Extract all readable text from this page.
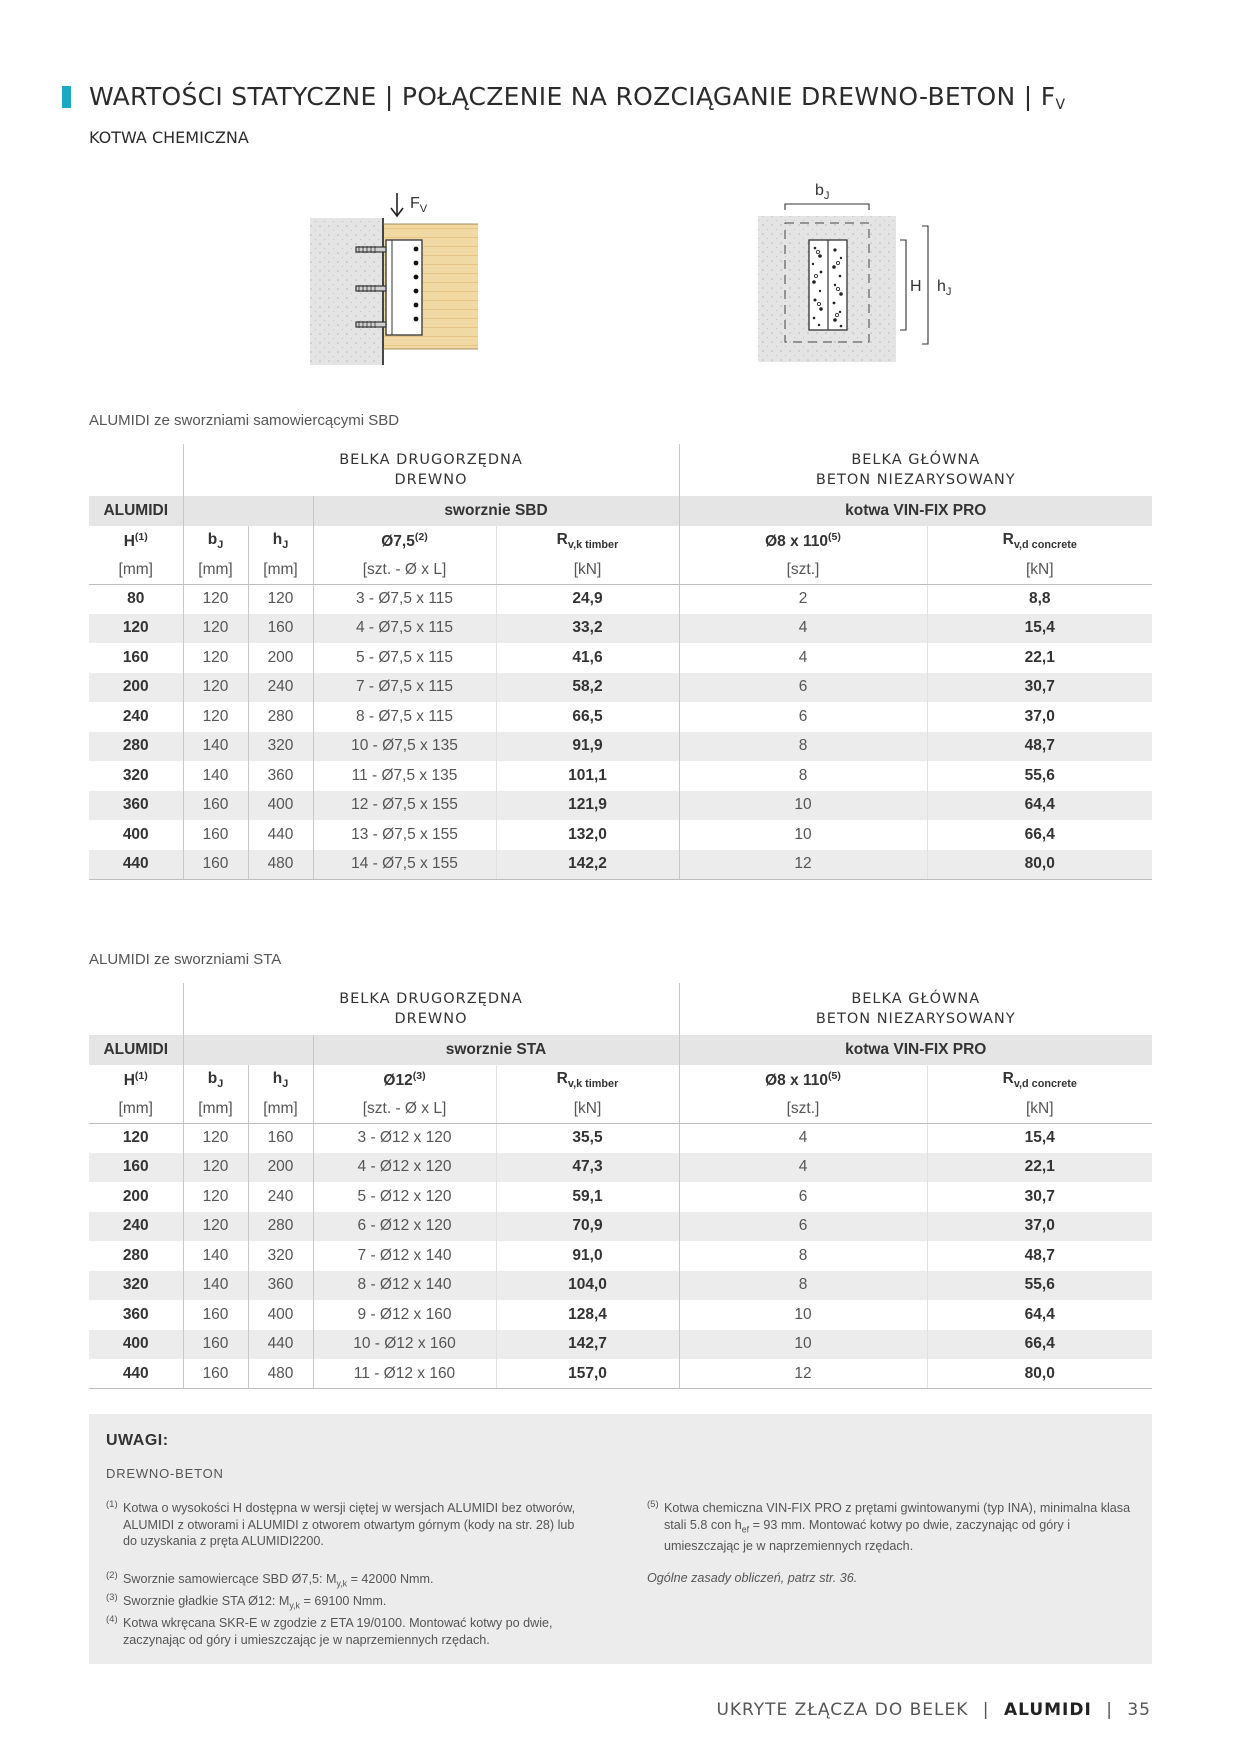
WARTOŚCI STATYCZNE | POŁĄCZENIE NA ROZCIĄGANIE DREWNO-BETON | $F_V$
KOTWA CHEMICZNA
$F_V$
$b_J$
H $h_J$
ALUMIDI ze sworzniami samowiercącymi SBD
	BELKA DRUGORZĘDNA
DREWNO				BELKA GŁÓWNA
BETON NIEZARYSOWANY	
ALUMIDI			sworznie SBD		kotwa VIN-FIX PRO	
$H^{(1)}$	$b_J$	$h_J$	Ø7,5$^{(2)}$	$R_{v,k timber}$	Ø8 x 110$^{(5)}$	$R_{v,d concrete}$
[mm]	[mm]	[mm]	[szt. - Ø x L]	[kN]	[szt.]	[kN]
80	120	120	3 - Ø7,5 x 115	24,9	2	8,8
120	120	160	4 - Ø7,5 x 115	33,2	4	15,4
160	120	200	5 - Ø7,5 x 115	41,6	4	22,1
200	120	240	7 - Ø7,5 x 115	58,2	6	30,7
240	120	280	8 - Ø7,5 x 115	66,5	6	37,0
280	140	320	10 - Ø7,5 x 135	91,9	8	48,7
320	140	360	11 - Ø7,5 x 135	101,1	8	55,6
360	160	400	12 - Ø7,5 x 155	121,9	10	64,4
400	160	440	13 - Ø7,5 x 155	132,0	10	66,4
440	160	480	14 - Ø7,5 x 155	142,2	12	80,0
ALUMIDI ze sworzniami STA
	BELKA DRUGORZĘDNA
DREWNO				BELKA GŁÓWNA
BETON NIEZARYSOWANY	
ALUMIDI			sworznie STA		kotwa VIN-FIX PRO	
$H^{(1)}$	$b_J$	$h_J$	Ø12$^{(3)}$	$R_{v,k timber}$	Ø8 x 110$^{(5)}$	$R_{v,d concrete}$
[mm]	[mm]	[mm]	[szt. - Ø x L]	[kN]	[szt.]	[kN]
120	120	160	3 - Ø12 x 120	35,5	4	15,4
160	120	200	4 - Ø12 x 120	47,3	4	22,1
200	120	240	5 - Ø12 x 120	59,1	6	30,7
240	120	280	6 - Ø12 x 120	70,9	6	37,0
280	140	320	7 - Ø12 x 140	91,0	8	48,7
320	140	360	8 - Ø12 x 140	104,0	8	55,6
360	160	400	9 - Ø12 x 160	128,4	10	64,4
400	160	440	10 - Ø12 x 160	142,7	10	66,4
440	160	480	11 - Ø12 x 160	157,0	12	80,0
UWAGI:
DREWNO-BETON
(1) Kotwa o wysokości H dostępna w wersji ciętej w wersjach ALUMIDI bez otworów, ALUMIDI z otworami i ALUMIDI z otworem otwartym górnym (kody na str. 28) lub do uzyskania z pręta ALUMIDI2200.
(2) Sworznie samowiercące SBD Ø7,5: $M_{y,k} = 42000$ Nmm.
(3) Sworznie gładkie STA Ø12: $M_{y,k} = 69100$ Nmm.
(4) Kotwa wkręcana SKR-E w zgodzie z ETA 19/0100. Montować kotwy po dwie, zaczynając od góry i umieszczając je w naprzemiennych rzędach.
(5) Kotwa chemiczna VIN-FIX PRO z prętami gwintowanymi (typ INA), minimalna klasa stali 5.8 con $h_{ef} = 93$ mm. Montować kotwy po dwie, zaczynając od góry i umieszczając je w naprzemiennych rzędach.
Ogólne zasady obliczeń, patrz str. 36.
UKRYTE ZŁĄCZA DO BELEK | ALUMIDI | 35
